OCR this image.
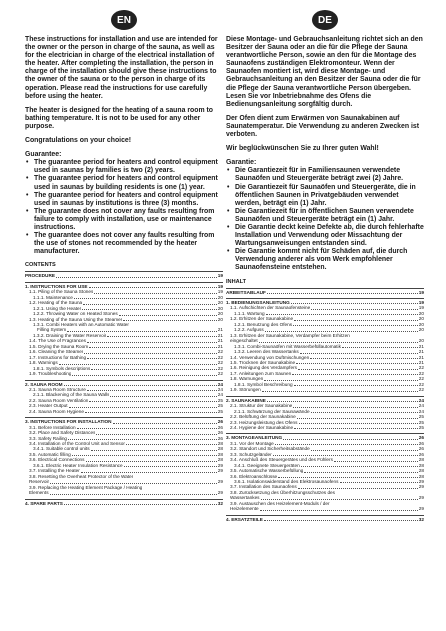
EN

These instructions for installation and use are intended for the owner or the person in charge of the sauna, as well as for the electrician in charge of the electrical installation of the heater. After completing the installation, the person in charge of the installation should give these instructions to the owner of the sauna or to the person in charge of its operation. Please read the instructions for use carefully before using the heater.

The heater is designed for the heating of a sauna room to bathing temperature. It is not to be used for any other purpose.

Congratulations on your choice!

Guarantee:

• The guarantee period for heaters and control equipment used in saunas by families is two (2) years.
• The guarantee period for heaters and control equipment used in saunas by building residents is one (1) year.
• The guarantee period for heaters and control equipment used in saunas by institutions is three (3) months.
• The guarantee does not cover any faults resulting from failure to comply with installation, use or maintenance instructions.
• The guarantee does not cover any faults resulting from the use of stones not recommended by the heater manufacturer.
CONTENTS
PROCEDURE	19
1. INSTRUCTIONS FOR USE	19
1.1. Piling of the Sauna Stones	19
1.1.1. Maintenance	20
1.2. Heating of the Sauna	20
1.2.1. Using the Heater	20
1.2.2. Throwing Water on Heated Stones	20
1.3. Heating of the Sauna Using the Steamer	20
1.3.1. Combi Heaters with an Automatic Water
Filling System	21
1.3.2. Draining the Water Reservoir	21
1.4. The Use of Fragrances	21
1.5. Drying the Sauna Room	21
1.6. Cleaning the Steamer	22
1.7. Instructions for Bathing	22
1.8. Warnings	22
1.8.1. Symbols descriptions	22
1.9. Troubleshooting	22
2. SAUNA ROOM	24
2.1. Sauna Room Structure	24
2.1.1. Blackening of the Sauna Walls	24
2.2. Sauna Room Ventilation	25
2.3. Heater Output	25
2.4. Sauna Room Hygiene	25
3. INSTRUCTIONS FOR INSTALLATION	26
3.1. Before Installation	26
3.2. Place and Safety Distances	26
3.3. Safety Railing	26
3.4. Installation of the Control Unit and Sensor	28
3.4.1. Suitable control units	28
3.5. Automatic filling	28
3.6. Electrical Connections	28
3.6.1. Electric Heater Insulation Resistance	29
3.7. Installing the Heater	29
3.8. Resetting the Overheat Protector of the Water
Reservoir	29
3.9. Replacing the Heating Element Package / Heating
Elements	29
4. SPARE PARTS	32
DE

Diese Montage- und Gebrauchsanleitung richtet sich an den Besitzer der Sauna oder an die für die Pflege der Sauna verantwortliche Person, sowie an den für die Montage des Saunaofens zuständigen Elektromonteur. Wenn der Saunaofen montiert ist, wird diese Montage- und Gebrauchsanleitung an den Besitzer der Sauna oder die für die Pflege der Sauna verantwortliche Person übergeben. Lesen Sie vor Inbetriebnahme des Ofens die Bedienungsanleitung sorgfältig durch.

Der Ofen dient zum Erwärmen von Saunakabinen auf Saunatemperatur. Die Verwendung zu anderen Zwecken ist verboten.

Wir beglückwünschen Sie zu Ihrer guten Wahl!

Garantie:

• Die Garantiezeit für in Familiensaunen verwendete Saunaöfen und Steuergeräte beträgt zwei (2) Jahre.
• Die Garantiezeit für Saunaöfen und Steuergeräte, die in öffentlichen Saunen in Privatgebäuden verwendet werden, beträgt ein (1) Jahr.
• Die Garantiezeit für in öffentlichen Saunen verwendete Saunaöfen und Steuergeräte beträgt ein (1) Jahr.
• Die Garantie deckt keine Defekte ab, die durch fehlerhafte Installation und Verwendung oder Missachtung der Wartungsanweisungen entstanden sind.
• Die Garantie kommt nicht für Schäden auf, die durch Verwendung anderer als vom Werk empfohlener Saunaofensteine entstehen.
INHALT
ARBEITSABLAUF	19
1. BEDIENUNGSANLEITUNG	19
1.1. Aufschichten der Saunaofensteine	19
1.1.1. Wartung	20
1.2. Erhitzen der Saunakabine	20
1.2.1. Benutzung des Ofens	20
1.2.2. Aufguss	20
1.3. Erhitzen der Saunakabine, Verdampfer beim Erhitzen
eingeschaltet	20
1.3.1. Combi-Saunaöfen mit Wasserbefüllautomatik	21
1.3.2. Leeren des Wassertanks	21
1.4. Verwendung von Duftmischungen	21
1.5. Trocknen der Saunakabine	21
1.6. Reinigung des Verdampfers	22
1.7. Anleitungen zum Saunen	22
1.8. Warnungen	22
1.8.1. Symbol Beschreibung	22
1.9. Störungen	22
2. SAUNAKABINE	24
2.1. Struktur der Saunakabine	24
2.1.1. Schwärzung der Saunawände	24
2.2. Belüftung der Saunakabine	25
2.3. Heizungsleistung des Ofens	25
2.4. Hygiene der Saunakabine	25
3. MONTAGEANLEITUNG	26
3.1. Vor der Montage	26
3.2. Standort und Sicherheitsabstände	26
3.3. Schutzgeländer	26
3.4. Anschluß des Steuergerätes und des Fühlers	28
3.4.1. Geeignete Steuergeräten	28
3.5. Automatische Wasserbefüllung	28
3.6. Elektroanschlüsse	28
3.6.1. Isolationswiderstand des Elektrosaunaofens	29
3.7. Installation des Saunaofens	29
3.8. Zurücksetzung des Überhitzungsschutzes des
Wassertankes	29
3.9. Austauschen des Heizelement-Moduls / der
Heizelemente	29
4. ERSATZTEILE	32
